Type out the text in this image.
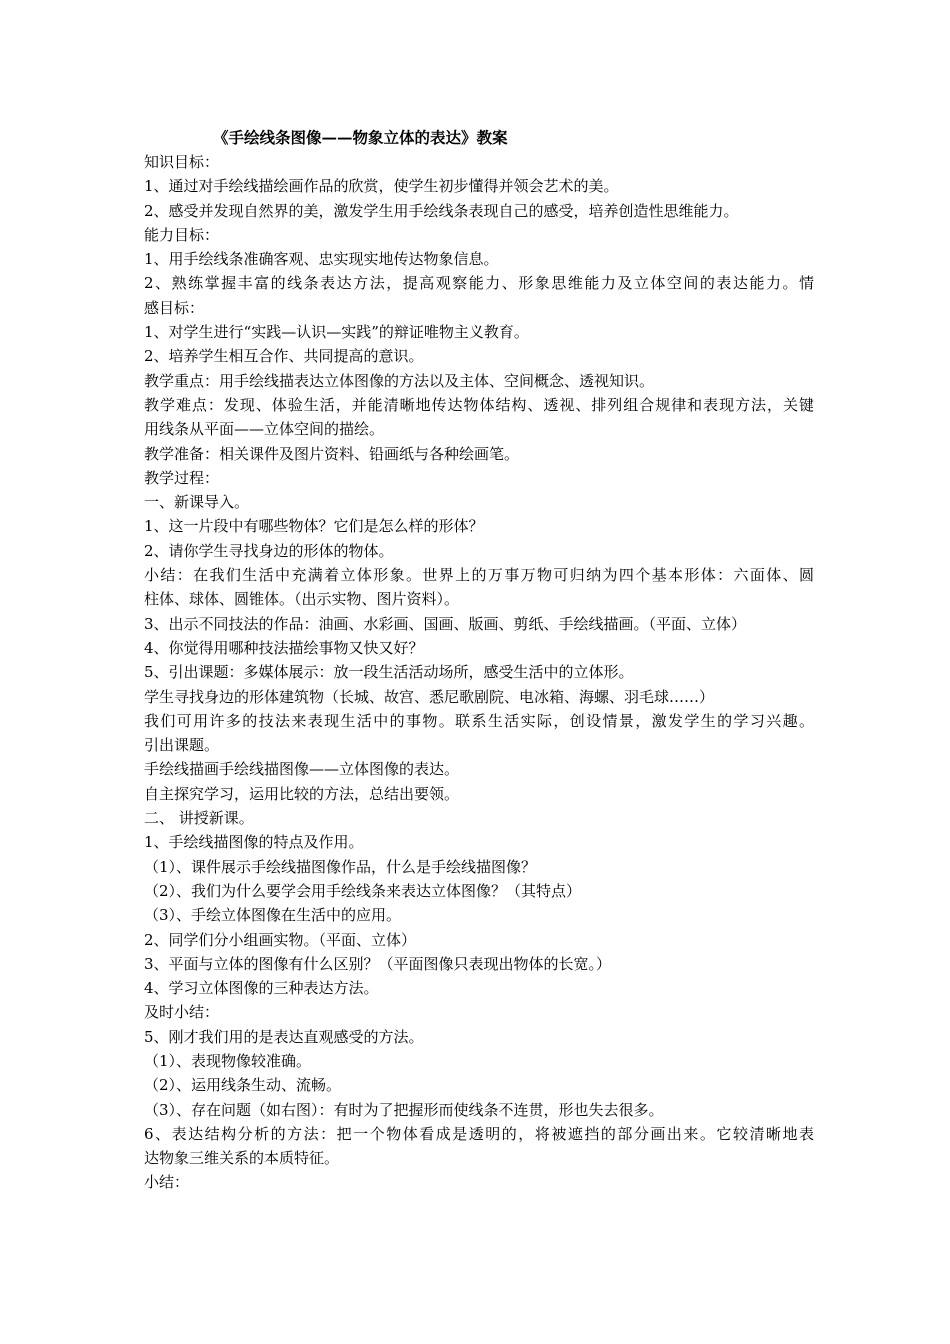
《手绘线条图像——物象立体的表达》教案
知识目标：
1、通过对手绘线描绘画作品的欣赏，使学生初步懂得并领会艺术的美。
2、感受并发现自然界的美，激发学生用手绘线条表现自己的感受，培养创造性思维能力。
能力目标：
1、用手绘线条准确客观、忠实现实地传达物象信息。
2、熟练掌握丰富的线条表达方法，提高观察能力、形象思维能力及立体空间的表达能力。情
感目标：
1、对学生进行“实践—认识—实践”的辩证唯物主义教育。
2、培养学生相互合作、共同提高的意识。
教学重点：用手绘线描表达立体图像的方法以及主体、空间概念、透视知识。
教学难点：发现、体验生活，并能清晰地传达物体结构、透视、排列组合规律和表现方法，关键
用线条从平面——立体空间的描绘。
教学准备：相关课件及图片资料、铅画纸与各种绘画笔。
教学过程：
一、新课导入。
1、这一片段中有哪些物体？它们是怎么样的形体？
2、请你学生寻找身边的形体的物体。
小结：在我们生活中充满着立体形象。世界上的万事万物可归纳为四个基本形体：六面体、圆
柱体、球体、圆锥体。（出示实物、图片资料）。
3、出示不同技法的作品：油画、水彩画、国画、版画、剪纸、手绘线描画。（平面、立体）
4、你觉得用哪种技法描绘事物又快又好？
5、引出课题：多媒体展示：放一段生活活动场所，感受生活中的立体形。
学生寻找身边的形体建筑物（长城、故宫、悉尼歌剧院、电冰箱、海螺、羽毛球……）
我们可用许多的技法来表现生活中的事物。联系生活实际，创设情景，激发学生的学习兴趣。
引出课题。
手绘线描画手绘线描图像——立体图像的表达。
自主探究学习，运用比较的方法，总结出要领。
二、 讲授新课。
1、手绘线描图像的特点及作用。
（1）、课件展示手绘线描图像作品，什么是手绘线描图像？
（2）、我们为什么要学会用手绘线条来表达立体图像？（其特点）
（3）、手绘立体图像在生活中的应用。
2、同学们分小组画实物。（平面、立体）
3、平面与立体的图像有什么区别？（平面图像只表现出物体的长宽。）
4、学习立体图像的三种表达方法。
及时小结：
5、刚才我们用的是表达直观感受的方法。
（1）、表现物像较准确。
（2）、运用线条生动、流畅。
（3）、存在问题（如右图）：有时为了把握形而使线条不连贯，形也失去很多。
6、表达结构分析的方法：把一个物体看成是透明的，将被遮挡的部分画出来。它较清晰地表
达物象三维关系的本质特征。
小结：
